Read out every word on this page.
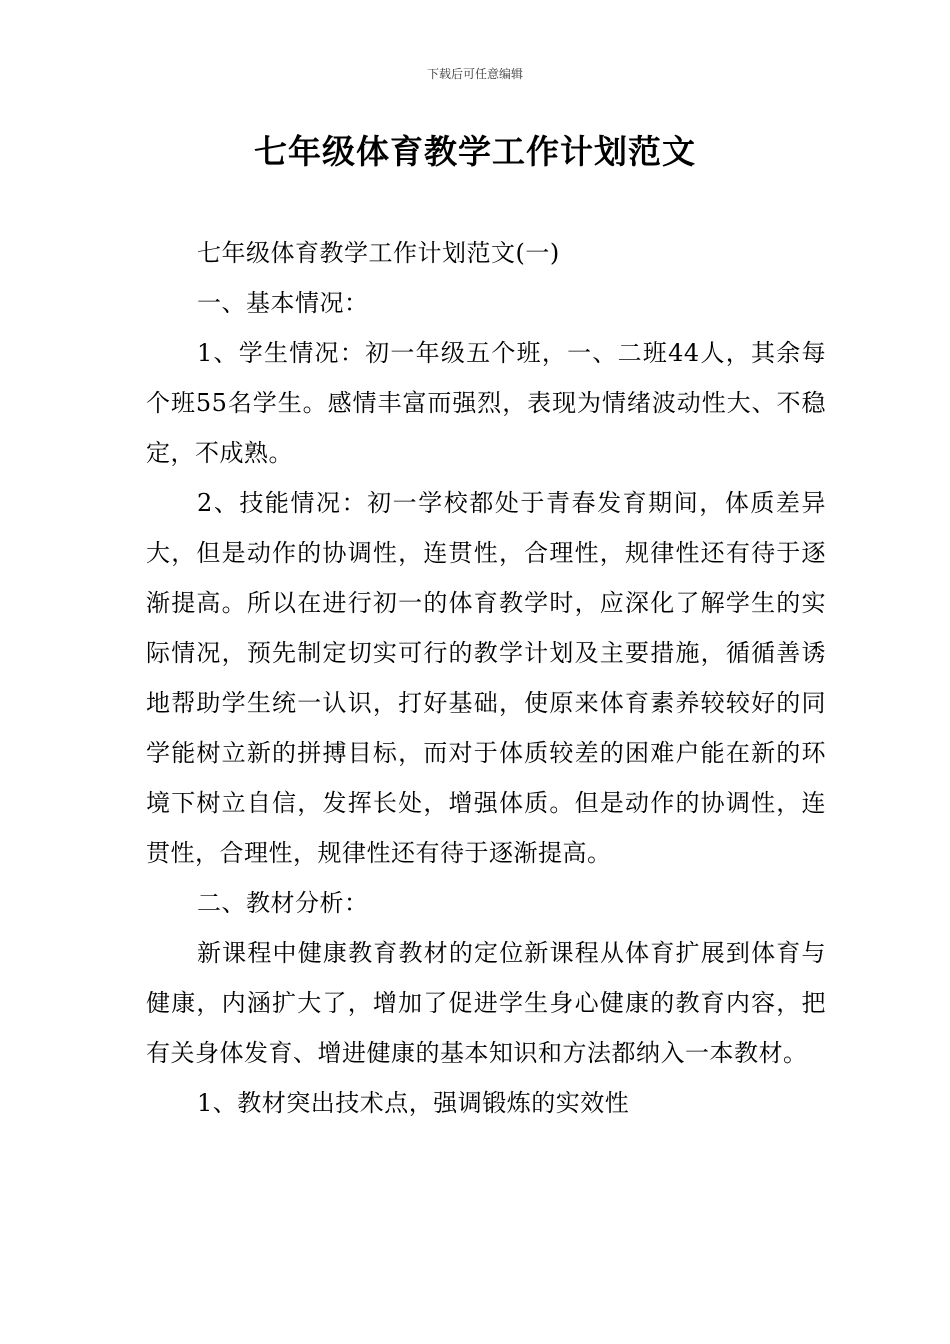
下载后可任意编辑
七年级体育教学工作计划范文

七年级体育教学工作计划范文(一)

一、基本情况：

1、学生情况：初一年级五个班，一、二班44人，其余每个班55名学生。感情丰富而强烈，表现为情绪波动性大、不稳定，不成熟。

2、技能情况：初一学校都处于青春发育期间，体质差异大，但是动作的协调性，连贯性，合理性，规律性还有待于逐渐提高。所以在进行初一的体育教学时，应深化了解学生的实际情况，预先制定切实可行的教学计划及主要措施，循循善诱地帮助学生统一认识，打好基础，使原来体育素养较较好的同学能树立新的拼搏目标，而对于体质较差的困难户能在新的环境下树立自信，发挥长处，增强体质。但是动作的协调性，连贯性，合理性，规律性还有待于逐渐提高。

二、教材分析：

新课程中健康教育教材的定位新课程从体育扩展到体育与健康，内涵扩大了，增加了促进学生身心健康的教育内容，把有关身体发育、增进健康的基本知识和方法都纳入一本教材。

1、教材突出技术点，强调锻炼的实效性
